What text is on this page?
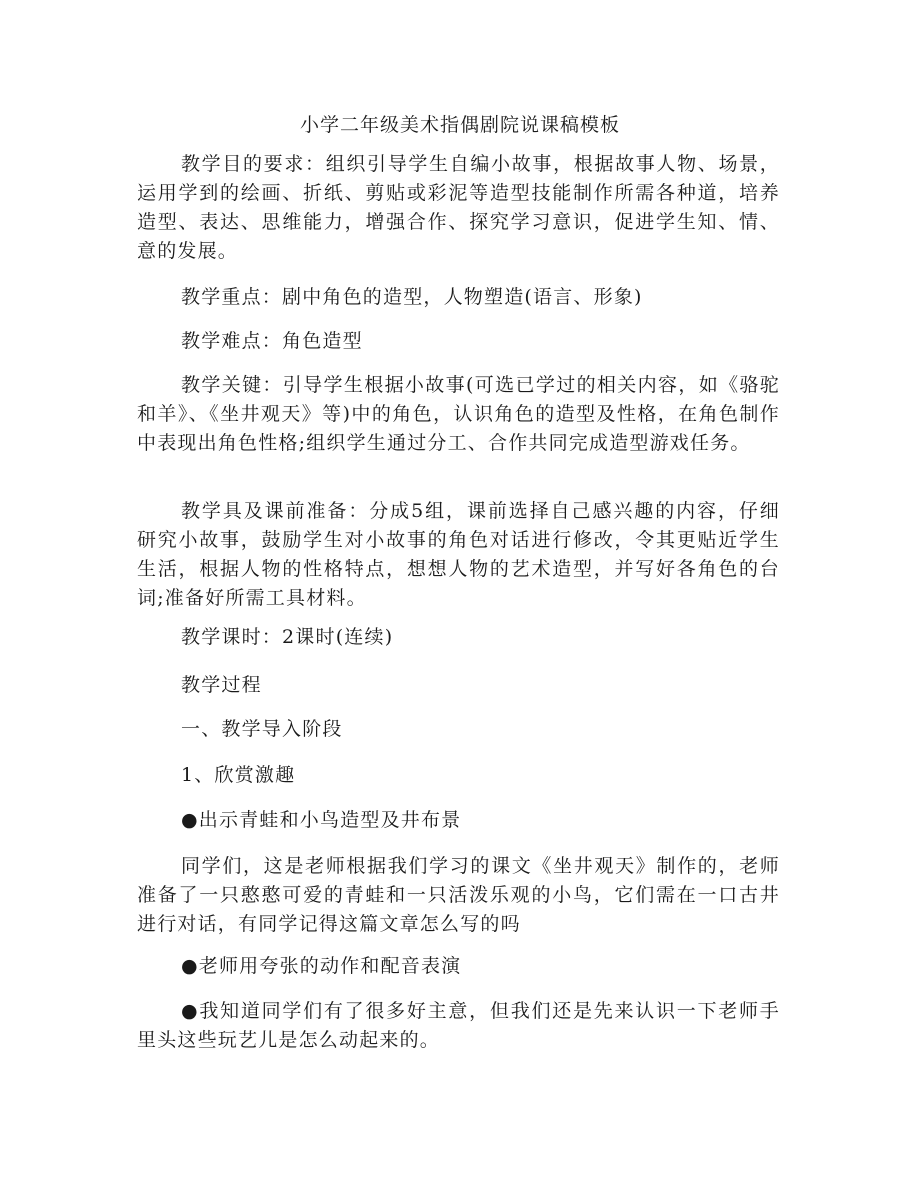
小学二年级美术指偶剧院说课稿模板

教学目的要求：组织引导学生自编小故事，根据故事人物、场景，运用学到的绘画、折纸、剪贴或彩泥等造型技能制作所需各种道，培养造型、表达、思维能力，增强合作、探究学习意识，促进学生知、情、意的发展。

教学重点：剧中角色的造型，人物塑造(语言、形象)

教学难点：角色造型

教学关键：引导学生根据小故事(可选已学过的相关内容，如《骆驼和羊》、《坐井观天》等)中的角色，认识角色的造型及性格，在角色制作中表现出角色性格;组织学生通过分工、合作共同完成造型游戏任务。

教学具及课前准备：分成5组，课前选择自己感兴趣的内容，仔细研究小故事，鼓励学生对小故事的角色对话进行修改，令其更贴近学生生活，根据人物的性格特点，想想人物的艺术造型，并写好各角色的台词;准备好所需工具材料。

教学课时：2课时(连续)

教学过程

一、教学导入阶段

1、欣赏激趣

●出示青蛙和小鸟造型及井布景

同学们，这是老师根据我们学习的课文《坐井观天》制作的，老师准备了一只憨憨可爱的青蛙和一只活泼乐观的小鸟，它们需在一口古井进行对话，有同学记得这篇文章怎么写的吗

●老师用夸张的动作和配音表演

●我知道同学们有了很多好主意，但我们还是先来认识一下老师手里头这些玩艺儿是怎么动起来的。
